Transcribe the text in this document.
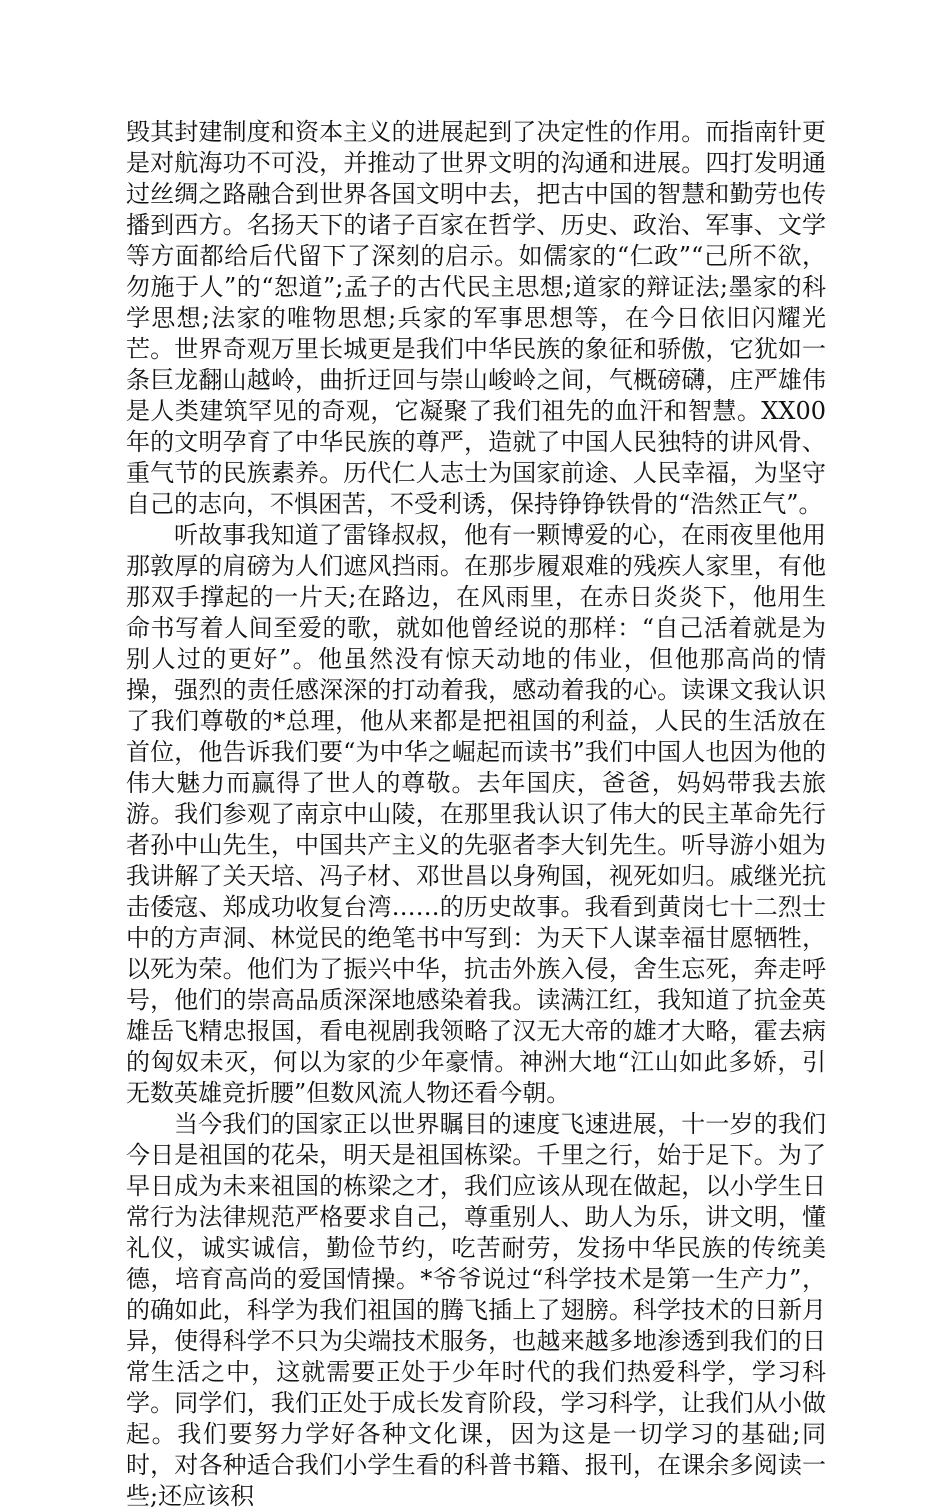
毁其封建制度和资本主义的进展起到了决定性的作用。而指南针更是对航海功不可没，并推动了世界文明的沟通和进展。四打发明通过丝绸之路融合到世界各国文明中去，把古中国的智慧和勤劳也传播到西方。名扬天下的诸子百家在哲学、历史、政治、军事、文学等方面都给后代留下了深刻的启示。如儒家的“仁政”“己所不欲，勿施于人”的“恕道”;孟子的古代民主思想;道家的辩证法;墨家的科学思想;法家的唯物思想;兵家的军事思想等，在今日依旧闪耀光芒。世界奇观万里长城更是我们中华民族的象征和骄傲，它犹如一条巨龙翻山越岭，曲折迂回与崇山峻岭之间，气概磅礴，庄严雄伟是人类建筑罕见的奇观，它凝聚了我们祖先的血汗和智慧。XX00年的文明孕育了中华民族的尊严，造就了中国人民独特的讲风骨、重气节的民族素养。历代仁人志士为国家前途、人民幸福，为坚守自己的志向，不惧困苦，不受利诱，保持铮铮铁骨的“浩然正气”。

听故事我知道了雷锋叔叔，他有一颗博爱的心，在雨夜里他用那敦厚的肩磅为人们遮风挡雨。在那步履艰难的残疾人家里，有他那双手撑起的一片天;在路边，在风雨里，在赤日炎炎下，他用生命书写着人间至爱的歌，就如他曾经说的那样：“自己活着就是为别人过的更好”。他虽然没有惊天动地的伟业，但他那高尚的情操，强烈的责任感深深的打动着我，感动着我的心。读课文我认识了我们尊敬的*总理，他从来都是把祖国的利益，人民的生活放在首位，他告诉我们要“为中华之崛起而读书”我们中国人也因为他的伟大魅力而赢得了世人的尊敬。去年国庆，爸爸，妈妈带我去旅游。我们参观了南京中山陵，在那里我认识了伟大的民主革命先行者孙中山先生，中国共产主义的先驱者李大钊先生。听导游小姐为我讲解了关天培、冯子材、邓世昌以身殉国，视死如归。戚继光抗击倭寇、郑成功收复台湾……的历史故事。我看到黄岗七十二烈士中的方声洞、林觉民的绝笔书中写到：为天下人谋幸福甘愿牺牲，以死为荣。他们为了振兴中华，抗击外族入侵，舍生忘死，奔走呼号，他们的崇高品质深深地感染着我。读满江红，我知道了抗金英雄岳飞精忠报国，看电视剧我领略了汉无大帝的雄才大略，霍去病的匈奴未灭，何以为家的少年豪情。神洲大地“江山如此多娇，引无数英雄竞折腰”但数风流人物还看今朝。

当今我们的国家正以世界瞩目的速度飞速进展，十一岁的我们今日是祖国的花朵，明天是祖国栋梁。千里之行，始于足下。为了早日成为未来祖国的栋梁之才，我们应该从现在做起，以小学生日常行为法律规范严格要求自己，尊重别人、助人为乐，讲文明，懂礼仪，诚实诚信，勤俭节约，吃苦耐劳，发扬中华民族的传统美德，培育高尚的爱国情操。*爷爷说过“科学技术是第一生产力”，的确如此，科学为我们祖国的腾飞插上了翅膀。科学技术的日新月异，使得科学不只为尖端技术服务，也越来越多地渗透到我们的日常生活之中，这就需要正处于少年时代的我们热爱科学，学习科学。同学们，我们正处于成长发育阶段，学习科学，让我们从小做起。我们要努力学好各种文化课，因为这是一切学习的基础;同时，对各种适合我们小学生看的科普书籍、报刊，在课余多阅读一些;还应该积
